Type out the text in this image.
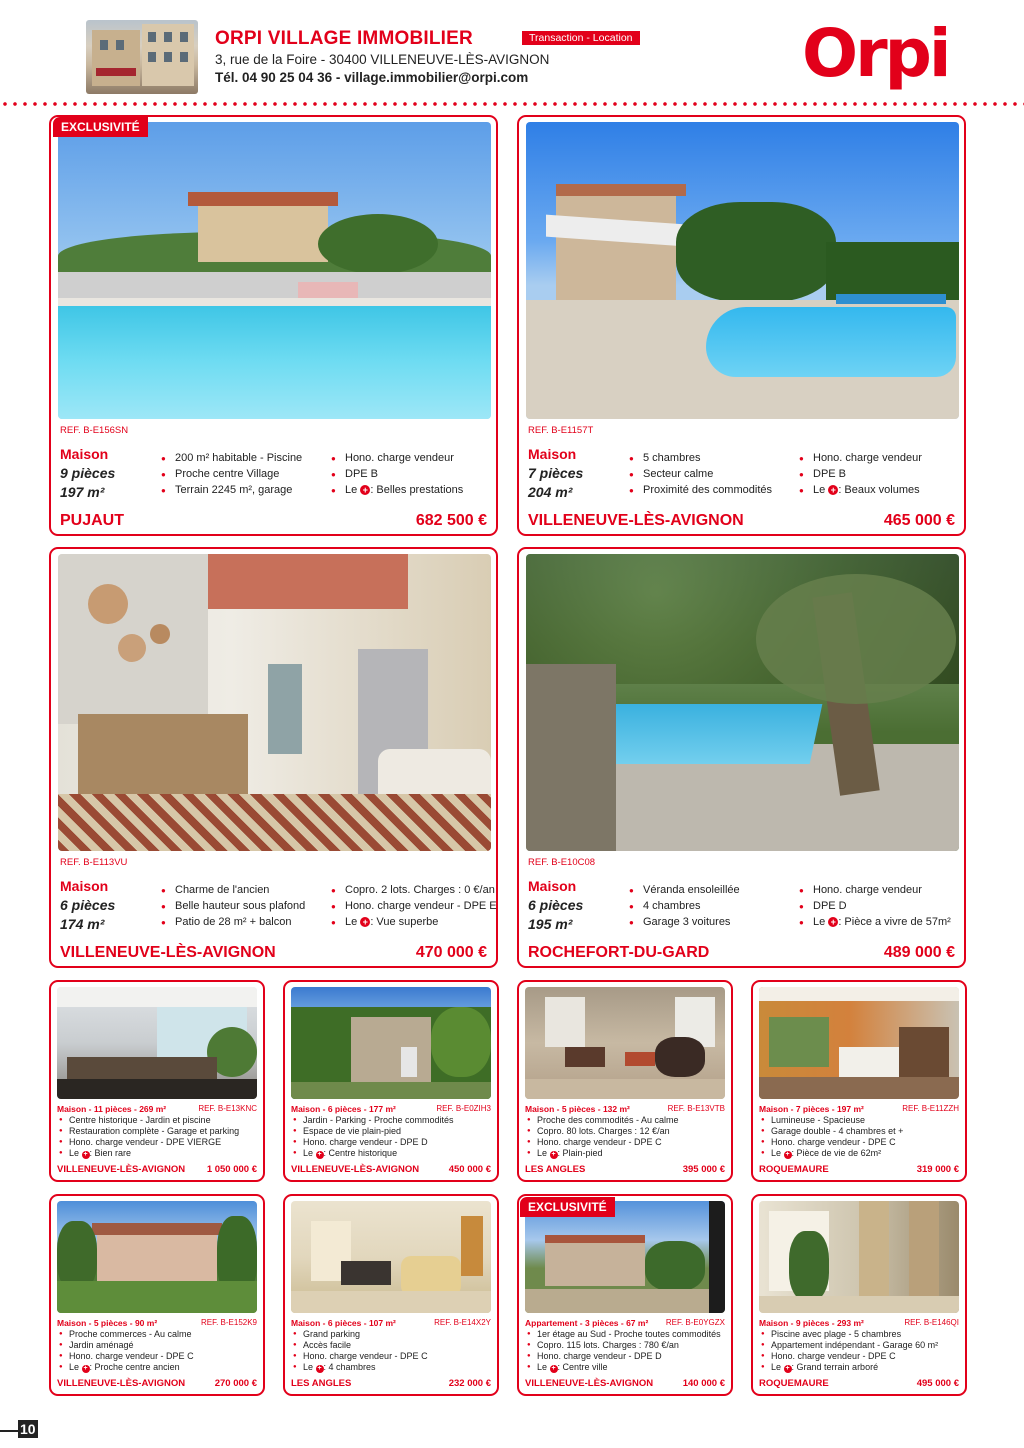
ORPI VILLAGE IMMOBILIER	Transaction - Location
3, rue de la Foire - 30400 VILLENEUVE-LÈS-AVIGNON
Tél. 04 90 25 04 36 - village.immobilier@orpi.com	Orpi
EXCLUSIVITÉ
REF. B-E156SN
Maison
9 pièces
197 m²
● 200 m² habitable - Piscine
● Proche centre Village
● Terrain 2245 m², garage
● Hono. charge vendeur
● DPE B
● Le + : Belles prestations
PUJAUT	682 500 €
REF. B-E1157T
Maison
7 pièces
204 m²
● 5 chambres
● Secteur calme
● Proximité des commodités
● Hono. charge vendeur
● DPE B
● Le + : Beaux volumes
VILLENEUVE-LÈS-AVIGNON	465 000 €
REF. B-E113VU
Maison
6 pièces
174 m²
● Charme de l'ancien
● Belle hauteur sous plafond
● Patio de 28 m² + balcon
● Copro. 2 lots. Charges : 0 €/an
● Hono. charge vendeur - DPE E
● Le + : Vue superbe
VILLENEUVE-LÈS-AVIGNON	470 000 €
REF. B-E10C08
Maison
6 pièces
195 m²
● Véranda ensoleillée
● 4 chambres
● Garage 3 voitures
● Hono. charge vendeur
● DPE D
● Le + : Pièce a vivre de 57m²
ROCHEFORT-DU-GARD	489 000 €
Maison - 11 pièces - 269 m²	REF. B-E13KNC
● Centre historique - Jardin et piscine
● Restauration complète - Garage et parking
● Hono. charge vendeur - DPE VIERGE
● Le + : Bien rare
VILLENEUVE-LÈS-AVIGNON 1 050 000 €
Maison - 6 pièces - 177 m²	REF. B-E0ZIH3
● Jardin - Parking - Proche commodités
● Espace de vie plain-pied
● Hono. charge vendeur - DPE D
● Le + : Centre historique
VILLENEUVE-LÈS-AVIGNON	450 000 €
Maison - 5 pièces - 132 m²	REF. B-E13VTB
● Proche des commodités - Au calme
● Copro. 80 lots. Charges : 12 €/an
● Hono. charge vendeur - DPE C
● Le + : Plain-pied
LES ANGLES	395 000 €
Maison - 7 pièces - 197 m²	REF. B-E11ZZH
● Lumineuse - Spacieuse
● Garage double - 4 chambres et +
● Hono. charge vendeur - DPE C
● Le + : Pièce de vie de 62m²
ROQUEMAURE	319 000 €
Maison - 5 pièces - 90 m²	REF. B-E152K9
● Proche commerces - Au calme
● Jardin aménagé
● Hono. charge vendeur - DPE C
● Le + : Proche centre ancien
VILLENEUVE-LÈS-AVIGNON	270 000 €
Maison - 6 pièces - 107 m²	REF. B-E14X2Y
● Grand parking
● Accès facile
● Hono. charge vendeur - DPE C
● Le + : 4 chambres
LES ANGLES	232 000 €
EXCLUSIVITÉ
Appartement - 3 pièces - 67 m² REF. B-E0YGZX
● 1er étage au Sud - Proche toutes commodités
● Copro. 115 lots. Charges : 780 €/an
● Hono. charge vendeur - DPE D
● Le + : Centre ville
VILLENEUVE-LÈS-AVIGNON	140 000 €
Maison - 9 pièces - 293 m²	REF. B-E146QI
● Piscine avec plage - 5 chambres
● Appartement indépendant - Garage 60 m²
● Hono. charge vendeur - DPE C
● Le + : Grand terrain arboré
ROQUEMAURE	495 000 €
10
